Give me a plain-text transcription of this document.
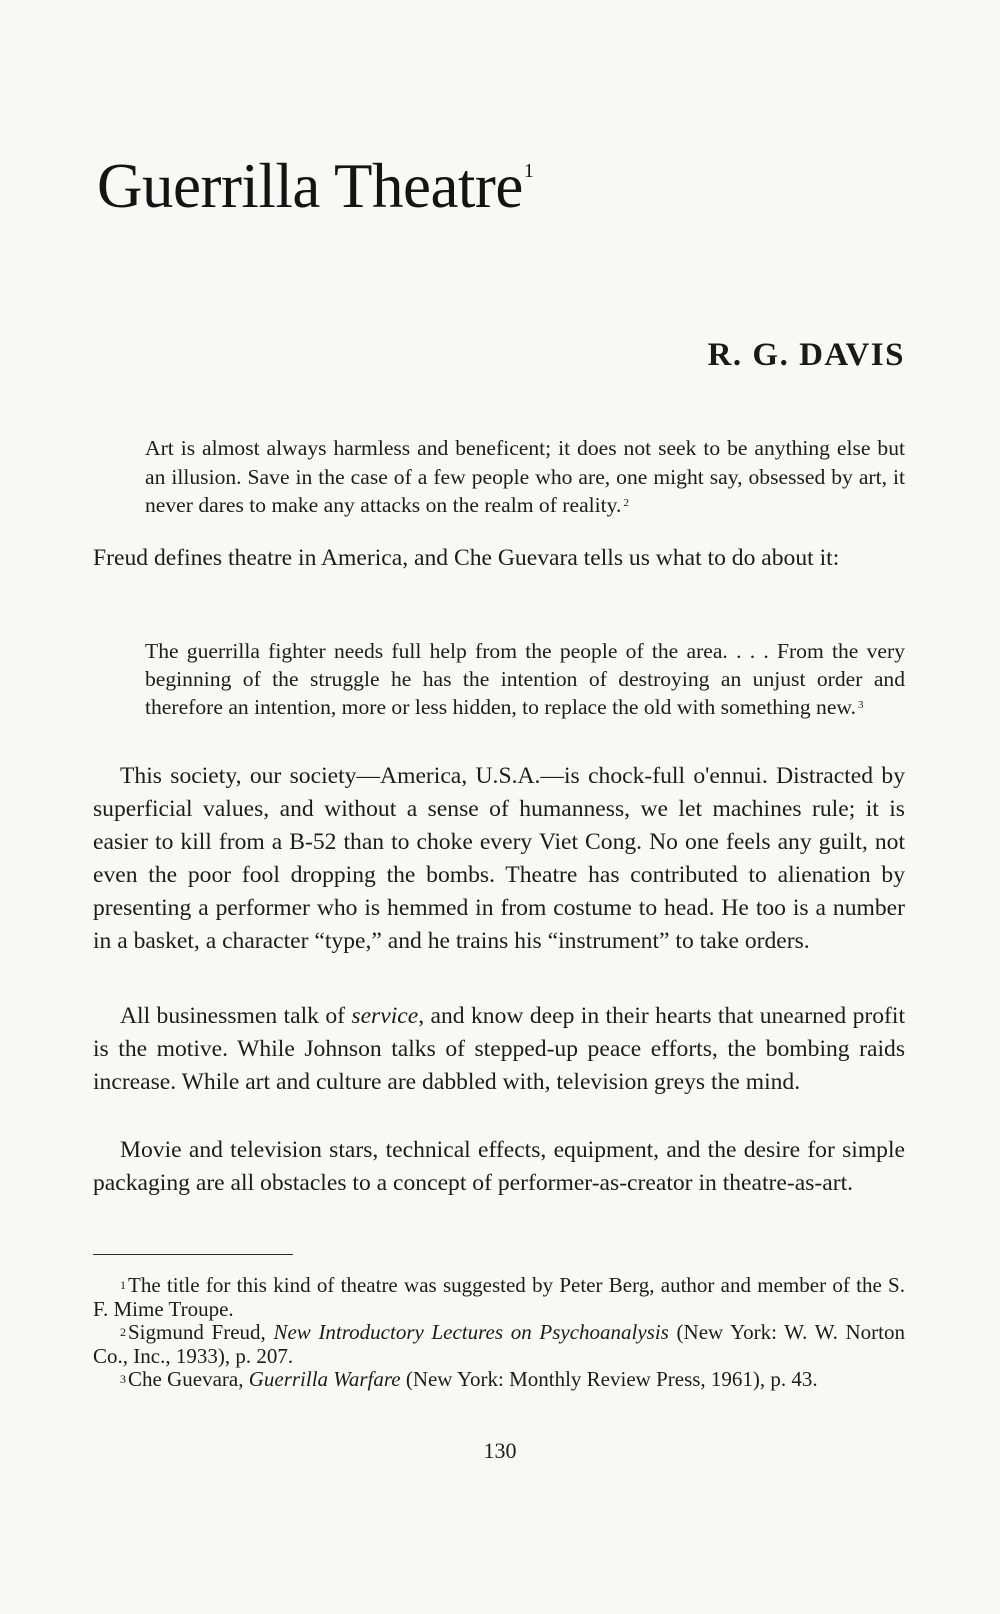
Guerrilla Theatre$^1$

R. G. DAVIS

Art is almost always harmless and beneficent; it does not seek to be anything else but an illusion. Save in the case of a few people who are, one might say, obsessed by art, it never dares to make any attacks on the realm of reality. $^2$

Freud defines theatre in America, and Che Guevara tells us what to do about it:

The guerrilla fighter needs full help from the people of the area. . . . From the very beginning of the struggle he has the intention of destroying an unjust order and therefore an intention, more or less hidden, to replace the old with something new. $^3$

This society, our society—America, U.S.A.—is chock-full o'ennui. Distracted by superficial values, and without a sense of humanness, we let machines rule; it is easier to kill from a B-52 than to choke every Viet Cong. No one feels any guilt, not even the poor fool dropping the bombs. Theatre has contributed to alienation by presenting a performer who is hemmed in from costume to head. He too is a number in a basket, a character “type,” and he trains his “instrument” to take orders.

All businessmen talk of service, and know deep in their hearts that unearned profit is the motive. While Johnson talks of stepped-up peace efforts, the bombing raids increase. While art and culture are dabbled with, television greys the mind.

Movie and television stars, technical effects, equipment, and the desire for simple packaging are all obstacles to a concept of performer-as-creator in theatre-as-art.

$^1$The title for this kind of theatre was suggested by Peter Berg, author and member of the S. F. Mime Troupe.

$^2$Sigmund Freud, New Introductory Lectures on Psychoanalysis (New York: W. W. Norton Co., Inc., 1933), p. 207.

$^3$Che Guevara, Guerrilla Warfare (New York: Monthly Review Press, 1961), p. 43.

130
